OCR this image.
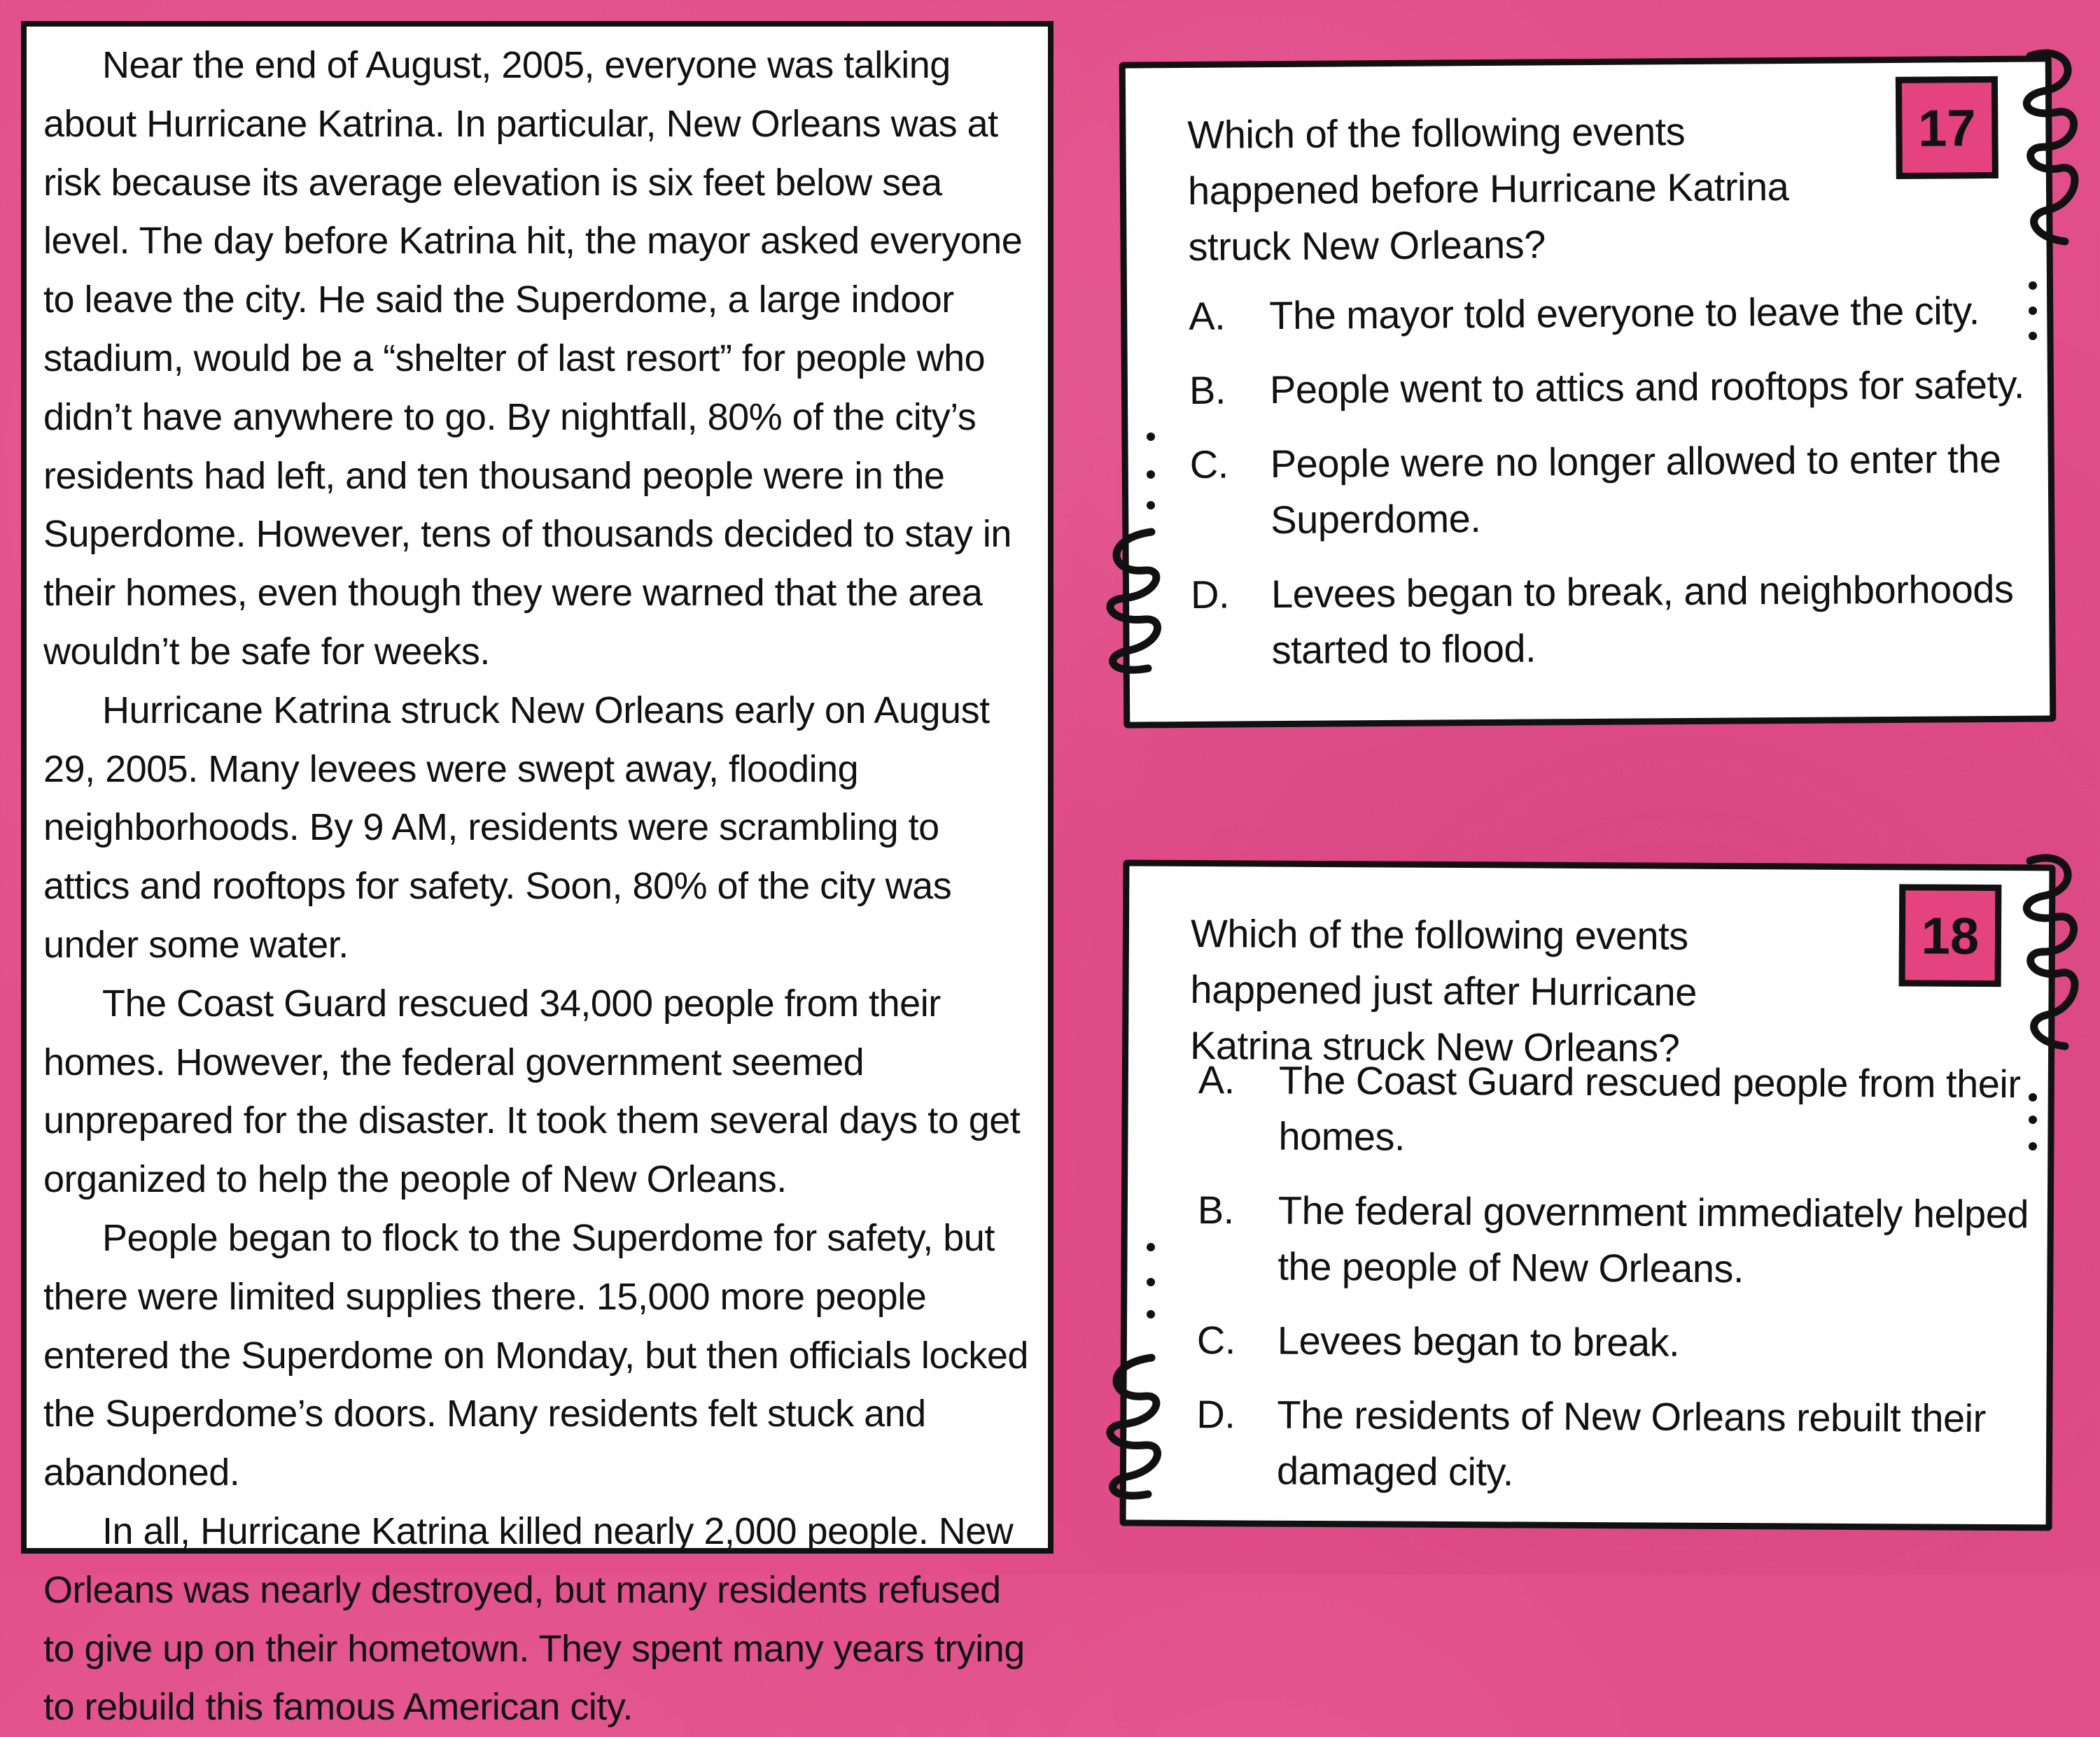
Near the end of August, 2005, everyone was talking about Hurricane Katrina. In particular, New Orleans was at risk because its average elevation is six feet below sea level. The day before Katrina hit, the mayor asked everyone to leave the city. He said the Superdome, a large indoor stadium, would be a “shelter of last resort” for people who didn’t have anywhere to go. By nightfall, 80% of the city’s residents had left, and ten thousand people were in the Superdome. However, tens of thousands decided to stay in their homes, even though they were warned that the area wouldn’t be safe for weeks.

Hurricane Katrina struck New Orleans early on August 29, 2005. Many levees were swept away, flooding neighborhoods. By 9 AM, residents were scrambling to attics and rooftops for safety. Soon, 80% of the city was under some water.

The Coast Guard rescued 34,000 people from their homes. However, the federal government seemed unprepared for the disaster. It took them several days to get organized to help the people of New Orleans.

People began to flock to the Superdome for safety, but there were limited supplies there. 15,000 more people entered the Superdome on Monday, but then officials locked the Superdome’s doors. Many residents felt stuck and abandoned.

In all, Hurricane Katrina killed nearly 2,000 people. New Orleans was nearly destroyed, but many residents refused to give up on their hometown. They spent many years trying to rebuild this famous American city.

Which of the following events happened before Hurricane Katrina struck New Orleans?
17
A.	The mayor told everyone to leave the city.
B.	People went to attics and rooftops for safety.
C.	People were no longer allowed to enter the Superdome.
D.	Levees began to break, and neighborhoods started to flood.
Which of the following events happened just after Hurricane Katrina struck New Orleans?
18
A.	The Coast Guard rescued people from their homes.
B.	The federal government immediately helped the people of New Orleans.
C.	Levees began to break.
D.	The residents of New Orleans rebuilt their damaged city.
